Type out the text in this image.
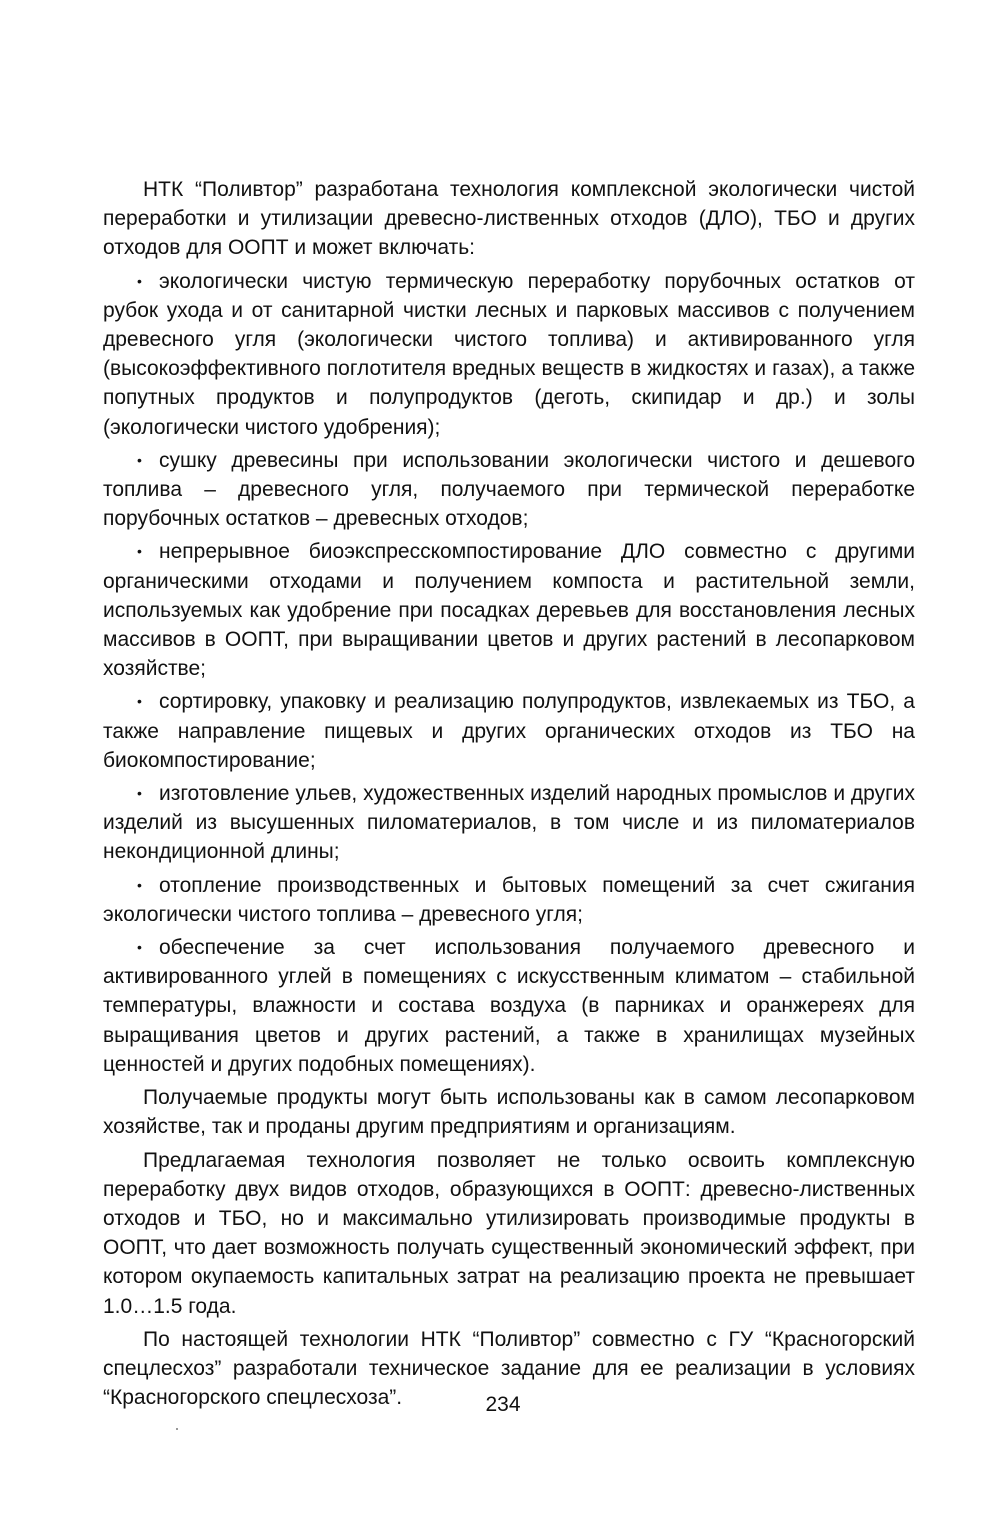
НТК “Поливтор” разработана технология комплексной экологически чистой переработки и утилизации древесно-лиственных отходов (ДЛО), ТБО и других отходов для ООПТ и может включать:

• экологически чистую термическую переработку порубочных остатков от рубок ухода и от санитарной чистки лесных и парковых массивов с получением древесного угля (экологически чистого топлива) и активированного угля (высокоэффективного поглотителя вредных веществ в жидкостях и газах), а также попутных продуктов и полупродуктов (деготь, скипидар и др.) и золы (экологически чистого удобрения);

• сушку древесины при использовании экологически чистого и дешевого топлива – древесного угля, получаемого при термической переработке порубочных остатков – древесных отходов;

• непрерывное биоэкспресскомпостирование ДЛО совместно с другими органическими отходами и получением компоста и растительной земли, используемых как удобрение при посадках деревьев для восстановления лесных массивов в ООПТ, при выращивании цветов и других растений в лесопарковом хозяйстве;

• сортировку, упаковку и реализацию полупродуктов, извлекаемых из ТБО, а также направление пищевых и других органических отходов из ТБО на биокомпостирование;

• изготовление ульев, художественных изделий народных промыслов и других изделий из высушенных пиломатериалов, в том числе и из пиломатериалов некондиционной длины;

• отопление производственных и бытовых помещений за счет сжигания экологически чистого топлива – древесного угля;

• обеспечение за счет использования получаемого древесного и активированного углей в помещениях с искусственным климатом – стабильной температуры, влажности и состава воздуха (в парниках и оранжереях для выращивания цветов и других растений, а также в хранилищах музейных ценностей и других подобных помещениях).

Получаемые продукты могут быть использованы как в самом лесопарковом хозяйстве, так и проданы другим предприятиям и организациям.

Предлагаемая технология позволяет не только освоить комплексную переработку двух видов отходов, образующихся в ООПТ: древесно-лиственных отходов и ТБО, но и максимально утилизировать производимые продукты в ООПТ, что дает возможность получать существенный экономический эффект, при котором окупаемость капитальных затрат на реализацию проекта не превышает 1.0…1.5 года.

По настоящей технологии НТК “Поливтор” совместно с ГУ “Красногорский спецлесхоз” разработали техническое задание для ее реализации в условиях “Красногорского спецлесхоза”.	234
